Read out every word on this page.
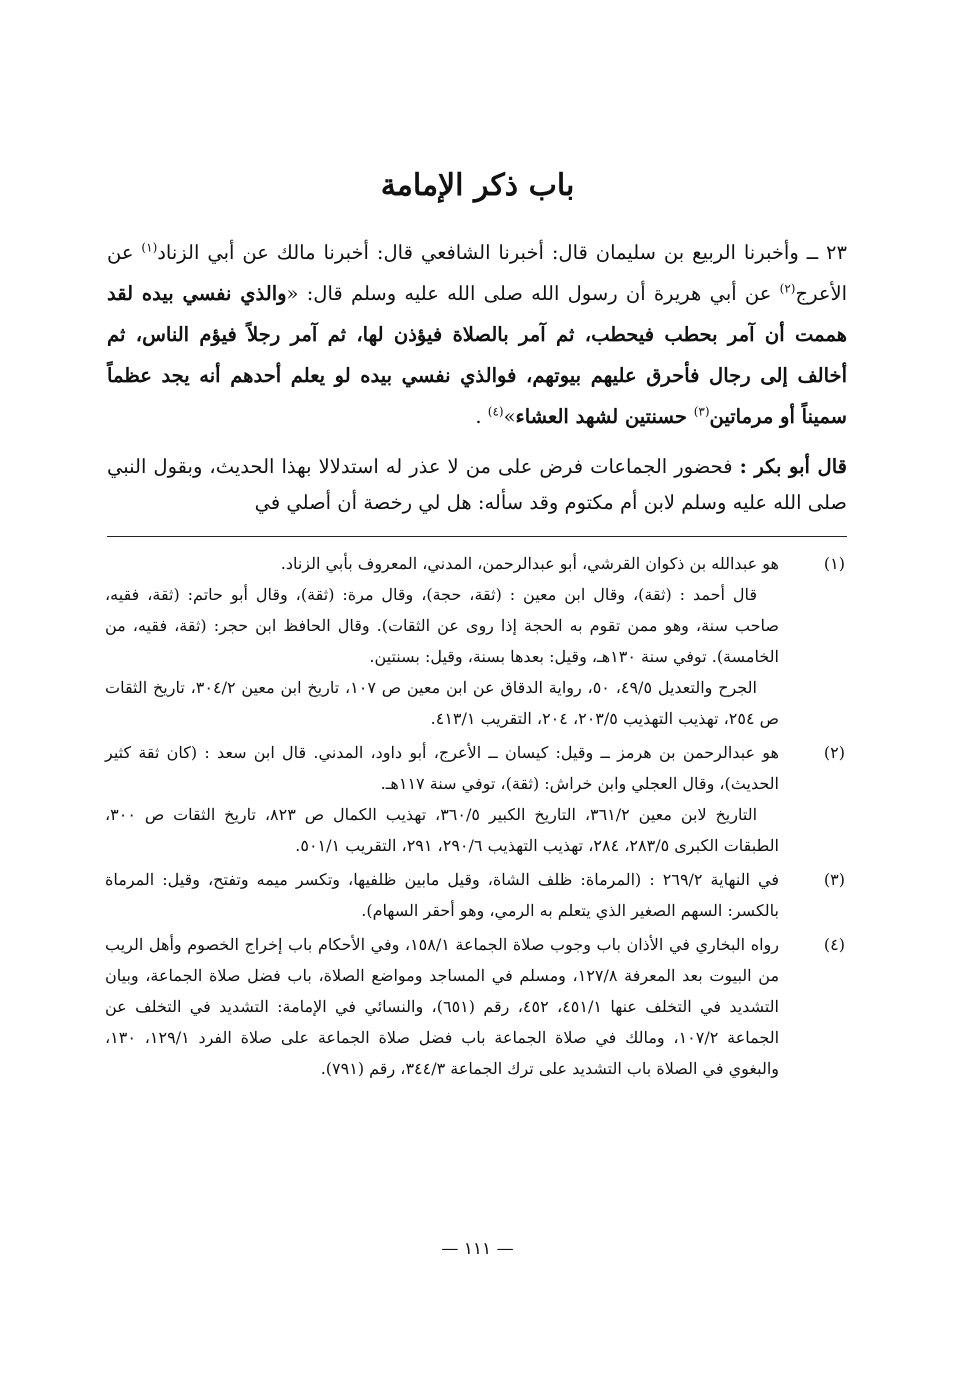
باب ذكر الإمامة

٢٣ ــ وأخبرنا الربيع بن سليمان قال: أخبرنا الشافعي قال: أخبرنا مالك عن أبي الزناد$^{(١)}$ عن الأعرج$^{(٢)}$ عن أبي هريرة أن رسول الله صلى الله عليه وسلم قال: «والذي نفسي بيده لقد هممت أن آمر بحطب فيحطب، ثم آمر بالصلاة فيؤذن لها، ثم آمر رجلاً فيؤم الناس، ثم أخالف إلى رجال فأحرق عليهم بيوتهم، فوالذي نفسي بيده لو يعلم أحدهم أنه يجد عظماً سميناً أو مرماتين$^{(٣)}$ حسنتين لشهد العشاء»$^{(٤)}$ .

قال أبو بكر : فحضور الجماعات فرض على من لا عذر له استدلالا بهذا الحديث، وبقول النبي صلى الله عليه وسلم لابن أم مكتوم وقد سأله: هل لي رخصة أن أصلي في

(١)

هو عبدالله بن ذكوان القرشي، أبو عبدالرحمن، المدني، المعروف بأبي الزناد.

قال أحمد : (ثقة)، وقال ابن معين : (ثقة، حجة)، وقال مرة: (ثقة)، وقال أبو حاتم: (ثقة، فقيه، صاحب سنة، وهو ممن تقوم به الحجة إذا روى عن الثقات). وقال الحافظ ابن حجر: (ثقة، فقيه، من الخامسة). توفي سنة ١٣٠هـ، وقيل: بعدها بسنة، وقيل: بسنتين.

الجرح والتعديل ٤٩/٥، ٥٠، رواية الدقاق عن ابن معين ص ١٠٧، تاريخ ابن معين ٣٠٤/٢، تاريخ الثقات ص ٢٥٤، تهذيب التهذيب ٢٠٣/٥، ٢٠٤، التقريب ٤١٣/١.

(٢)

هو عبدالرحمن بن هرمز ــ وقيل: كيسان ــ الأعرج، أبو داود، المدني. قال ابن سعد : (كان ثقة كثير الحديث)، وقال العجلي وابن خراش: (ثقة)، توفي سنة ١١٧هـ.

التاريخ لابن معين ٣٦١/٢، التاريخ الكبير ٣٦٠/٥، تهذيب الكمال ص ٨٢٣، تاريخ الثقات ص ٣٠٠، الطبقات الكبرى ٢٨٣/٥، ٢٨٤، تهذيب التهذيب ٢٩٠/٦، ٢٩١، التقريب ٥٠١/١.

(٣)

في النهاية ٢٦٩/٢ : (المرماة: ظلف الشاة، وقيل مابين ظلفيها، وتكسر ميمه وتفتح، وقيل: المرماة بالكسر: السهم الصغير الذي يتعلم به الرمي، وهو أحقر السهام).

(٤)

رواه البخاري في الأذان باب وجوب صلاة الجماعة ١٥٨/١، وفي الأحكام باب إخراج الخصوم وأهل الريب من البيوت بعد المعرفة ١٢٧/٨، ومسلم في المساجد ومواضع الصلاة، باب فضل صلاة الجماعة، وبيان التشديد في التخلف عنها ٤٥١/١، ٤٥٢، رقم (٦٥١)، والنسائي في الإمامة: التشديد في التخلف عن الجماعة ١٠٧/٢، ومالك في صلاة الجماعة باب فضل صلاة الجماعة على صلاة الفرد ١٢٩/١، ١٣٠، والبغوي في الصلاة باب التشديد على ترك الجماعة ٣٤٤/٣، رقم (٧٩١).

— ١١١ —
